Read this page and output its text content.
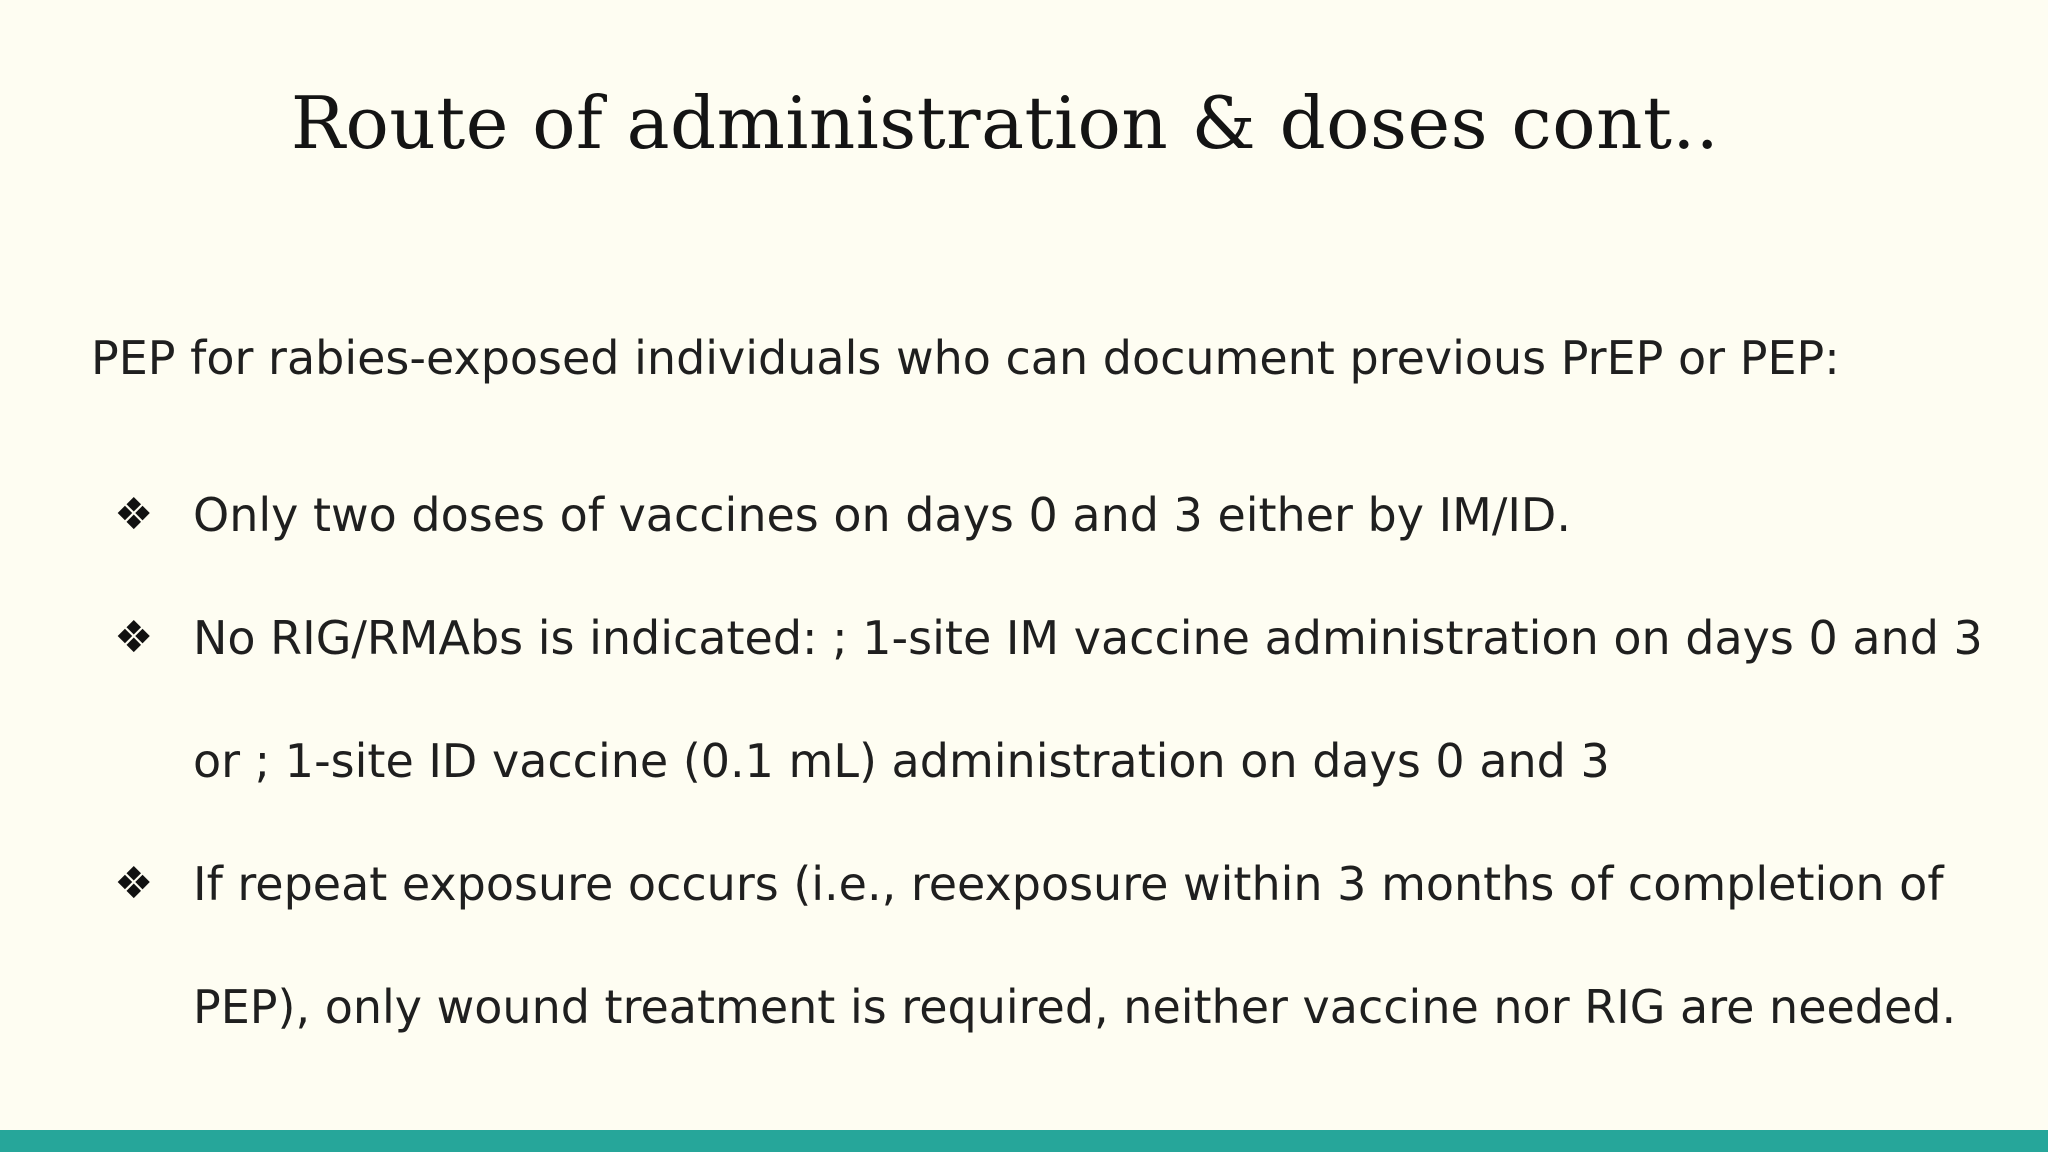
Route of administration & doses cont..
PEP for rabies-exposed individuals who can document previous PrEP or PEP:
❖ Only two doses of vaccines on days 0 and 3 either by IM/ID.
❖ No RIG/RMAbs is indicated: ; 1-site IM vaccine administration on days 0 and 3
or ; 1-site ID vaccine (0.1 mL) administration on days 0 and 3
❖ If repeat exposure occurs (i.e., reexposure within 3 months of completion of
PEP), only wound treatment is required, neither vaccine nor RIG are needed.
